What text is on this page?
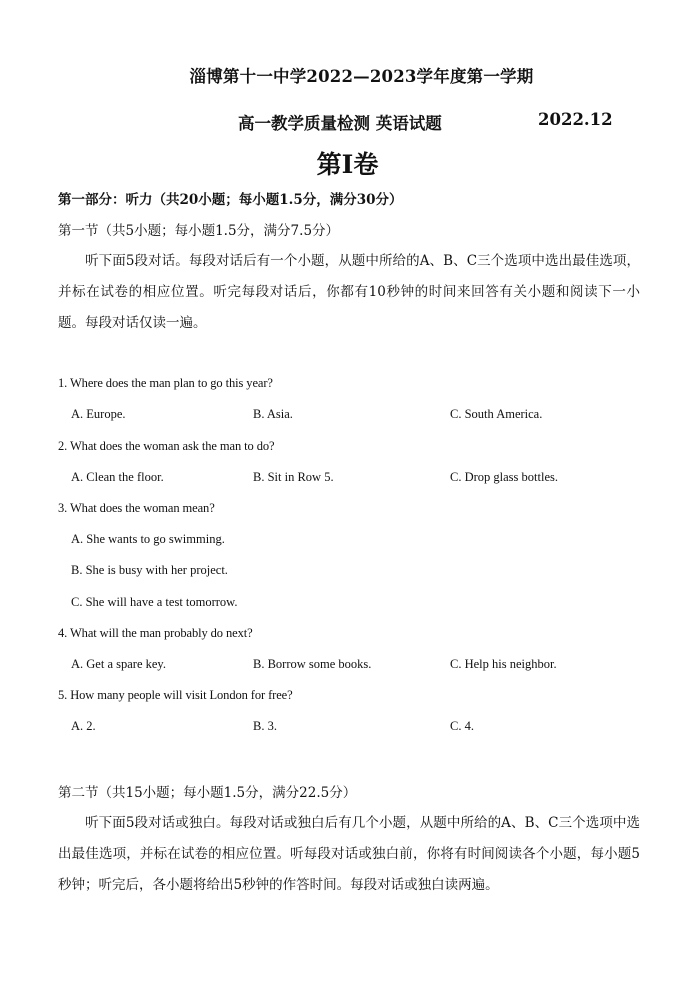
淄博第十一中学2022—2023学年度第一学期
高一教学质量检测 英语试题	2022.12
第I卷
第一部分：听力（共20小题；每小题1.5分，满分30分）
第一节（共5小题；每小题1.5分，满分7.5分）
听下面5段对话。每段对话后有一个小题，从题中所给的A、B、C三个选项中选出最佳选项，并标在试卷的相应位置。听完每段对话后，你都有10秒钟的时间来回答有关小题和阅读下一小题。每段对话仅读一遍。
1. Where does the man plan to go this year?
A. Europe.	B. Asia.	C. South America.
2. What does the woman ask the man to do?
A. Clean the floor.	B. Sit in Row 5.	C. Drop glass bottles.
3. What does the woman mean?
A. She wants to go swimming.
B. She is busy with her project.
C. She will have a test tomorrow.
4. What will the man probably do next?
A. Get a spare key.	B. Borrow some books.	C. Help his neighbor.
5. How many people will visit London for free?
A. 2.	B. 3.	C. 4.
第二节（共15小题；每小题1.5分，满分22.5分）
听下面5段对话或独白。每段对话或独白后有几个小题，从题中所给的A、B、C三个选项中选出最佳选项，并标在试卷的相应位置。听每段对话或独白前，你将有时间阅读各个小题，每小题5秒钟；听完后，各小题将给出5秒钟的作答时间。每段对话或独白读两遍。
